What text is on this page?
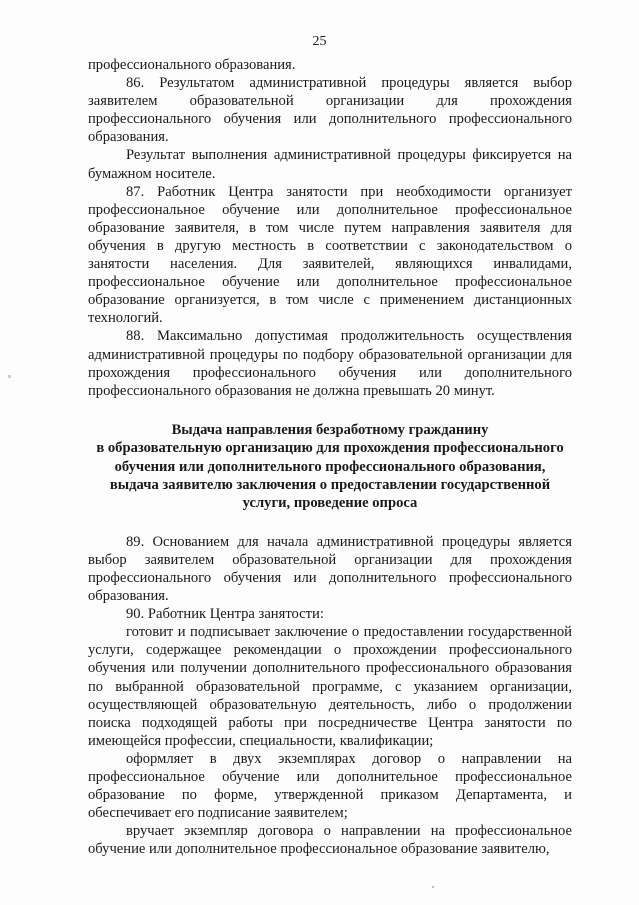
25

профессионального образования.

86. Результатом административной процедуры является выбор заявителем образовательной организации для прохождения профессионального обучения или дополнительного профессионального образования.

Результат выполнения административной процедуры фиксируется на бумажном носителе.

87. Работник Центра занятости при необходимости организует профессиональное обучение или дополнительное профессиональное образование заявителя, в том числе путем направления заявителя для обучения в другую местность в соответствии с законодательством о занятости населения. Для заявителей, являющихся инвалидами, профессиональное обучение или дополнительное профессиональное образование организуется, в том числе с применением дистанционных технологий.

88. Максимально допустимая продолжительность осуществления административной процедуры по подбору образовательной организации для прохождения профессионального обучения или дополнительного профессионального образования не должна превышать 20 минут.

Выдача направления безработному гражданину
в образовательную организацию для прохождения профессионального
обучения или дополнительного профессионального образования,
выдача заявителю заключения о предоставлении государственной
услуги, проведение опроса

89. Основанием для начала административной процедуры является выбор заявителем образовательной организации для прохождения профессионального обучения или дополнительного профессионального образования.

90. Работник Центра занятости:

готовит и подписывает заключение о предоставлении государственной услуги, содержащее рекомендации о прохождении профессионального обучения или получении дополнительного профессионального образования по выбранной образовательной программе, с указанием организации, осуществляющей образовательную деятельность, либо о продолжении поиска подходящей работы при посредничестве Центра занятости по имеющейся профессии, специальности, квалификации;

оформляет в двух экземплярах договор о направлении на профессиональное обучение или дополнительное профессиональное образование по форме, утвержденной приказом Департамента, и обеспечивает его подписание заявителем;

вручает экземпляр договора о направлении на профессиональное обучение или дополнительное профессиональное образование заявителю,
